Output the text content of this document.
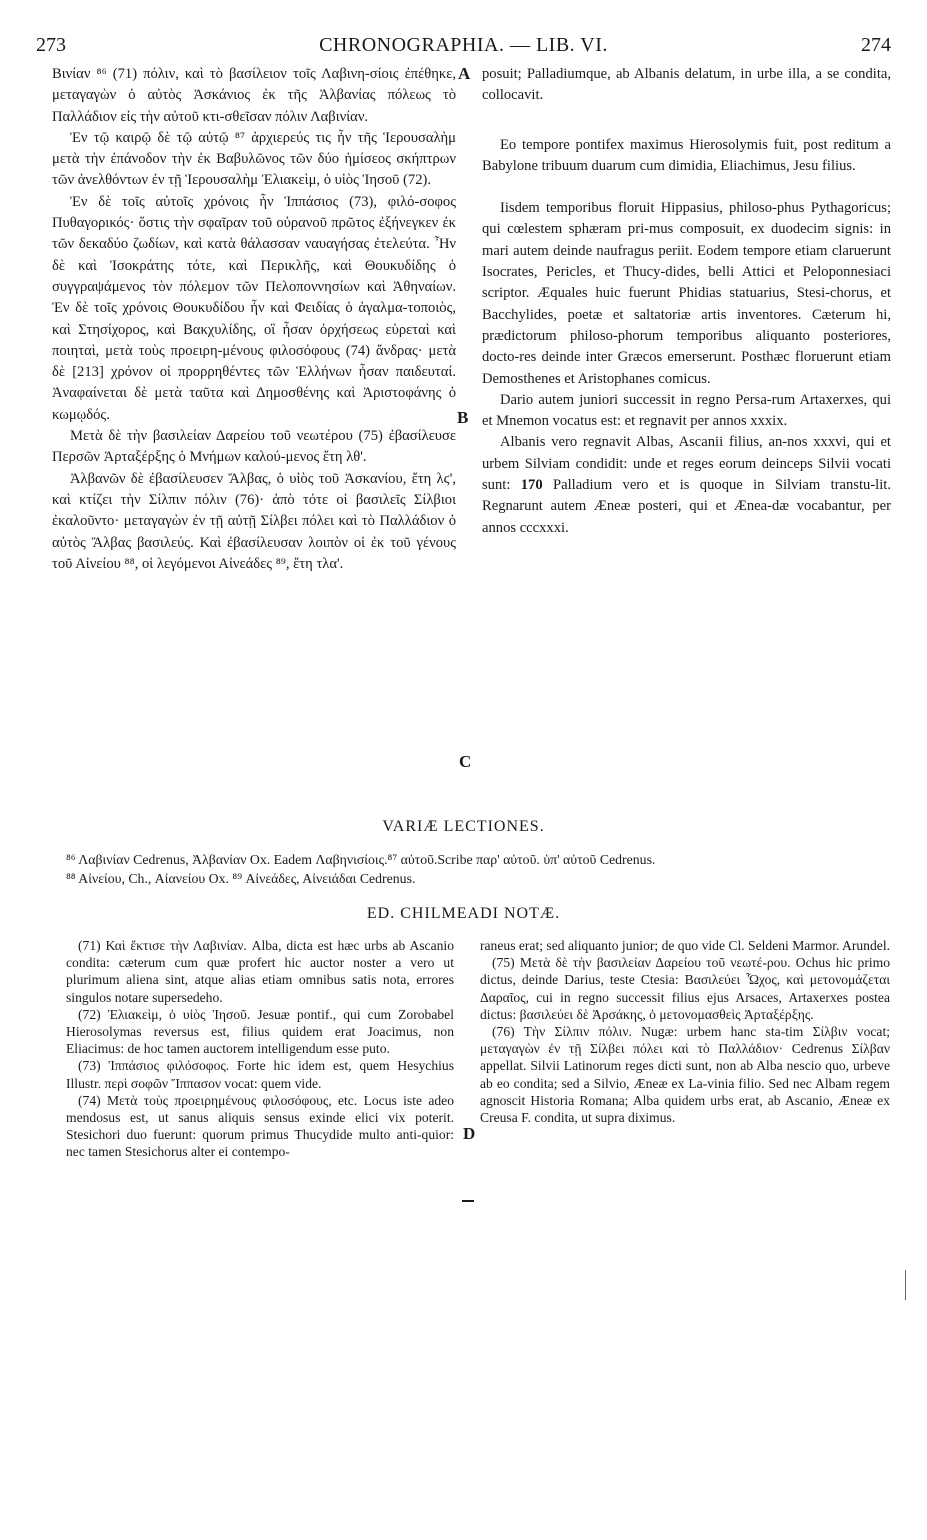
273	CHRONOGRAPHIA. — LIB. VI.	274

Βινίαν ⁸⁶ (71) πόλιν, καὶ τὸ βασίλειον τοῖς Λαβινη-σίοις ἐπέθηκε, μεταγαγὼν ὁ αὐτὸς Ἀσκάνιος ἐκ τῆς Ἀλβανίας πόλεως τὸ Παλλάδιον εἰς τὴν αὐτοῦ κτι-σθεῖσαν πόλιν Λαβινίαν.

Ἐν τῷ καιρῷ δὲ τῷ αὐτῷ ⁸⁷ ἀρχιερεύς τις ἦν τῆς Ἱερουσαλὴμ μετὰ τὴν ἐπάνοδον τὴν ἐκ Βαβυλῶνος τῶν δύο ἡμίσεος σκήπτρων τῶν ἀνελθόντων ἐν τῇ Ἱερουσαλὴμ Ἐλιακεὶμ, ὁ υἱὸς Ἰησοῦ (72).

Ἐν δὲ τοῖς αὐτοῖς χρόνοις ἦν Ἱππάσιος (73), φιλό-σοφος Πυθαγορικός· ὅστις τὴν σφαῖραν τοῦ οὐρανοῦ πρῶτος ἐξήνεγκεν ἐκ τῶν δεκαδύο ζωδίων, καὶ κατὰ θάλασσαν ναυαγήσας ἐτελεύτα. Ἦν δὲ καὶ Ἰσοκράτης τότε, καὶ Περικλῆς, καὶ Θουκυδίδης ὁ συγγραψάμενος τὸν πόλεμον τῶν Πελοποννησίων καὶ Ἀθηναίων. Ἐν δὲ τοῖς χρόνοις Θουκυδίδου ἦν καὶ Φειδίας ὁ ἀγαλμα-τοποιὸς, καὶ Στησίχορος, καὶ Βακχυλίδης, οἳ ἦσαν ὀρχήσεως εὑρεταὶ καὶ ποιηταὶ, μετὰ τοὺς προειρη-μένους φιλοσόφους (74) ἄνδρας· μετὰ δὲ [213] χρόνον οἱ προρρηθέντες τῶν Ἑλλήνων ἦσαν παιδευταί. Ἀναφαίνεται δὲ μετὰ ταῦτα καὶ Δημοσθένης καὶ Ἀριστοφάνης ὁ κωμῳδός.

Μετὰ δὲ τὴν βασιλείαν Δαρείου τοῦ νεωτέρου (75) ἐβασίλευσε Περσῶν Ἀρταξέρξης ὁ Μνήμων καλού-μενος ἔτη λθ'.

Ἀλβανῶν δὲ ἐβασίλευσεν Ἄλβας, ὁ υἱὸς τοῦ Ἀσκανίου, ἔτη λϛ', καὶ κτίζει τὴν Σίλπιν πόλιν (76)· ἀπὸ τότε οἱ βασιλεῖς Σίλβιοι ἐκαλοῦντο· μεταγαγὼν ἐν τῇ αὐτῇ Σίλβει πόλει καὶ τὸ Παλλάδιον ὁ αὐτὸς Ἄλβας βασιλεύς. Καὶ ἐβασίλευσαν λοιπὸν οἱ ἐκ τοῦ γένους τοῦ Αἰνείου ⁸⁸, οἱ λεγόμενοι Αἰνεάδες ⁸⁹, ἔτη τλα'.

posuit; Palladiumque, ab Albanis delatum, in urbe illa, a se condita, collocavit.

Eo tempore pontifex maximus Hierosolymis fuit, post reditum a Babylone tribuum duarum cum dimidia, Eliachimus, Jesu filius.

Iisdem temporibus floruit Hippasius, philoso-phus Pythagoricus; qui cœlestem sphæram pri-mus composuit, ex duodecim signis: in mari autem deinde naufragus periit. Eodem tempore etiam claruerunt Isocrates, Pericles, et Thucy-dides, belli Attici et Peloponnesiaci scriptor. Æquales huic fuerunt Phidias statuarius, Stesi-chorus, et Bacchylides, poetæ et saltatoriæ artis inventores. Cæterum hi, prædictorum philoso-phorum temporibus aliquanto posteriores, docto-res deinde inter Græcos emerserunt. Posthæc floruerunt etiam Demosthenes et Aristophanes comicus.

Dario autem juniori successit in regno Persa-rum Artaxerxes, qui et Mnemon vocatus est: et regnavit per annos xxxix.

Albanis vero regnavit Albas, Ascanii filius, an-nos xxxvi, qui et urbem Silviam condidit: unde et reges eorum deinceps Silvii vocati sunt: 170 Palladium vero et is quoque in Silviam transtu-lit. Regnarunt autem Æneæ posteri, qui et Ænea-dæ vocabantur, per annos cccxxxi.

A
B
C
VARIÆ LECTIONES.

⁸⁶ Λαβινίαν Cedrenus, Ἀλβανίαν Ox. Eadem Λαβηνισίοις.⁸⁷ αὐτοῦ.Scribe παρ' αὐτοῦ. ὑπ' αὐτοῦ Cedrenus.

⁸⁸ Αἰνείου, Ch., Αἰανείου Ox. ⁸⁹ Αἰνεάδες, Αἰνειάδαι Cedrenus.

ED. CHILMEADI NOTÆ.

(71) Καὶ ἔκτισε τὴν Λαβινίαν. Alba, dicta est hæc urbs ab Ascanio condita: cæterum cum quæ profert hic auctor noster a vero ut plurimum aliena sint, atque alias etiam omnibus satis nota, errores singulos notare supersedeho.

(72) Ἐλιακεὶμ, ὁ υἱὸς Ἰησοῦ. Jesuæ pontif., qui cum Zorobabel Hierosolymas reversus est, filius quidem erat Joacimus, non Eliacimus: de hoc tamen auctorem intelligendum esse puto.

(73) Ἱππάσιος φιλόσοφος. Forte hic idem est, quem Hesychius Illustr. περὶ σοφῶν Ἵππασον vocat: quem vide.

(74) Μετὰ τοὺς προειρημένους φιλοσόφους, etc. Locus iste adeo mendosus est, ut sanus aliquis sensus exinde elici vix poterit. Stesichori duo fuerunt: quorum primus Thucydide multo anti-quior: nec tamen Stesichorus alter ei contempo-

raneus erat; sed aliquanto junior; de quo vide Cl. Seldeni Marmor. Arundel.

(75) Μετὰ δὲ τὴν βασιλείαν Δαρείου τοῦ νεωτέ-ρου. Ochus hic primo dictus, deinde Darius, teste Ctesia: Βασιλεύει Ὦχος, καὶ μετονομάζεται Δαραῖος, cui in regno successit filius ejus Arsaces, Artaxerxes postea dictus: βασιλεύει δὲ Ἀρσάκης, ὁ μετονομασθεὶς Ἀρταξέρξης.

(76) Τὴν Σίλπιν πόλιν. Nugæ: urbem hanc sta-tim Σίλβιν vocat; μεταγαγὼν ἐν τῇ Σίλβει πόλει καὶ τὸ Παλλάδιον· Cedrenus Σίλβαν appellat. Silvii Latinorum reges dicti sunt, non ab Alba nescio quo, urbeve ab eo condita; sed a Silvio, Æneæ ex La-vinia filio. Sed nec Albam regem agnoscit Historia Romana; Alba quidem urbs erat, ab Ascanio, Æneæ ex Creusa F. condita, ut supra diximus.

D
